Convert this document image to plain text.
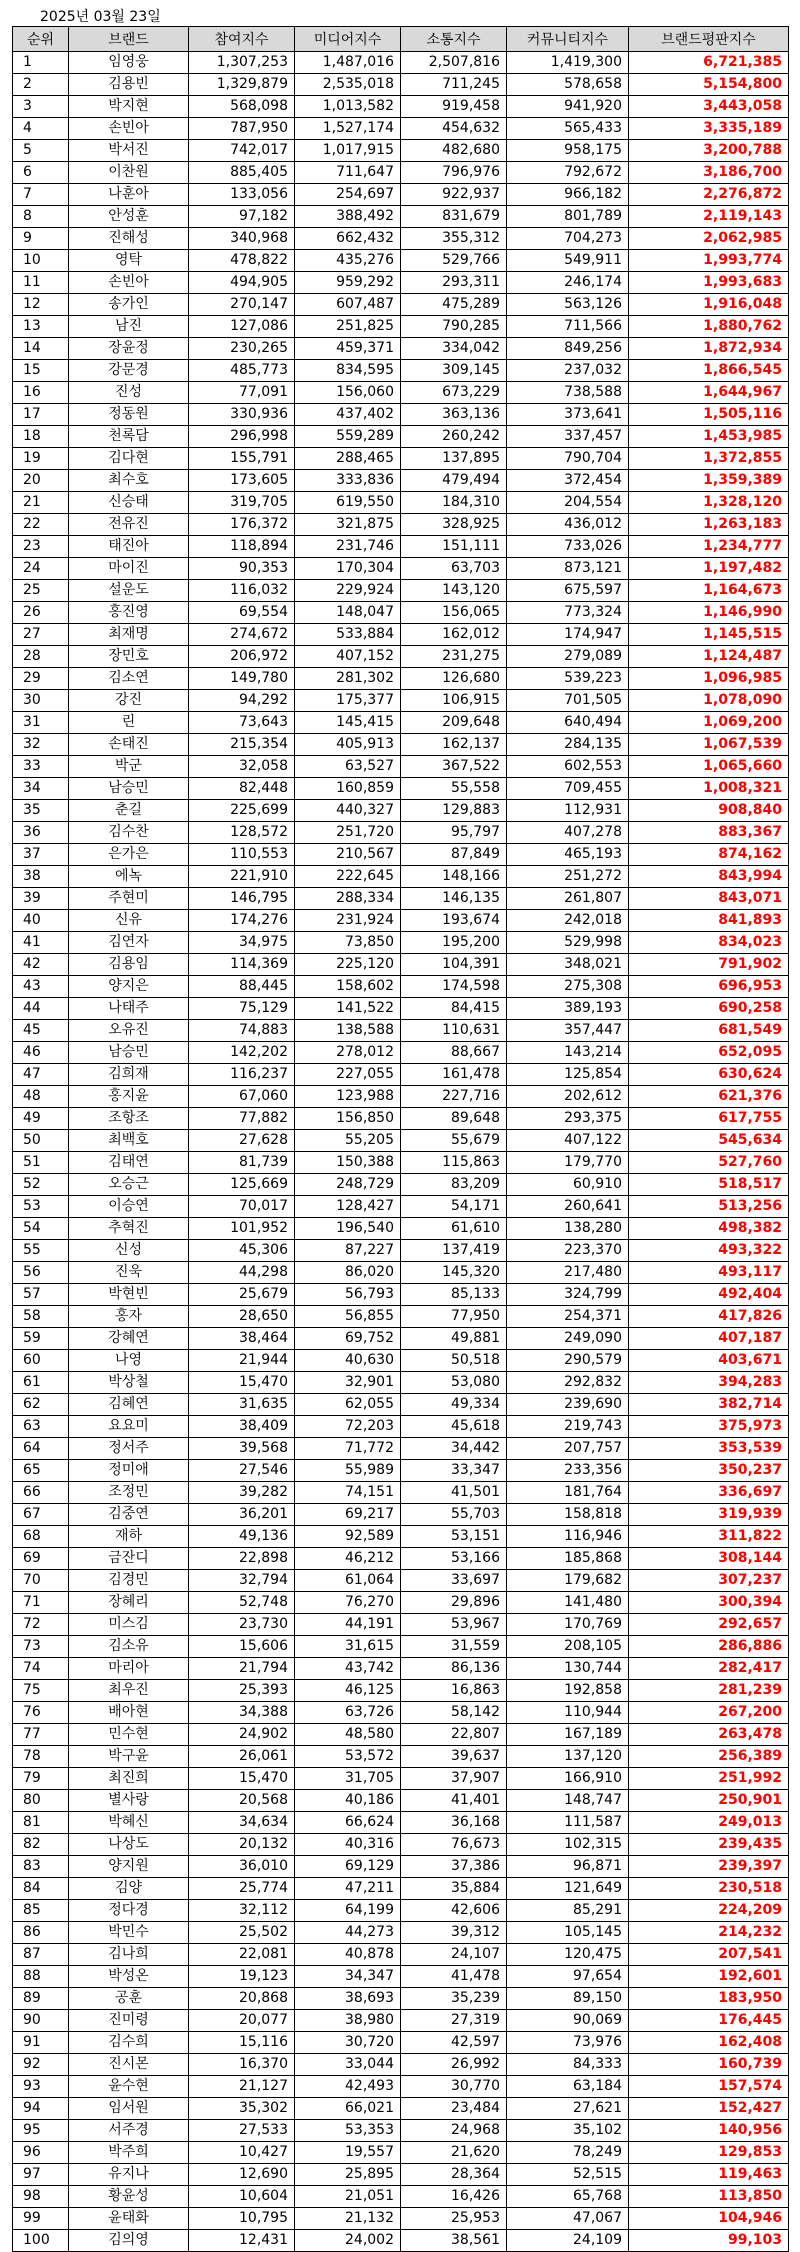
2025년 03월 23일
순위	브랜드	참여지수	미디어지수	소통지수	커뮤니티지수	브랜드평판지수
1	임영웅	1,307,253	1,487,016	2,507,816	1,419,300	6,721,385
2	김용빈	1,329,879	2,535,018	711,245	578,658	5,154,800
3	박지현	568,098	1,013,582	919,458	941,920	3,443,058
4	손빈아	787,950	1,527,174	454,632	565,433	3,335,189
5	박서진	742,017	1,017,915	482,680	958,175	3,200,788
6	이찬원	885,405	711,647	796,976	792,672	3,186,700
7	나훈아	133,056	254,697	922,937	966,182	2,276,872
8	안성훈	97,182	388,492	831,679	801,789	2,119,143
9	진해성	340,968	662,432	355,312	704,273	2,062,985
10	영탁	478,822	435,276	529,766	549,911	1,993,774
11	손빈아	494,905	959,292	293,311	246,174	1,993,683
12	송가인	270,147	607,487	475,289	563,126	1,916,048
13	남진	127,086	251,825	790,285	711,566	1,880,762
14	장윤정	230,265	459,371	334,042	849,256	1,872,934
15	강문경	485,773	834,595	309,145	237,032	1,866,545
16	진성	77,091	156,060	673,229	738,588	1,644,967
17	정동원	330,936	437,402	363,136	373,641	1,505,116
18	천록담	296,998	559,289	260,242	337,457	1,453,985
19	김다현	155,791	288,465	137,895	790,704	1,372,855
20	최수호	173,605	333,836	479,494	372,454	1,359,389
21	신승태	319,705	619,550	184,310	204,554	1,328,120
22	전유진	176,372	321,875	328,925	436,012	1,263,183
23	태진아	118,894	231,746	151,111	733,026	1,234,777
24	마이진	90,353	170,304	63,703	873,121	1,197,482
25	설운도	116,032	229,924	143,120	675,597	1,164,673
26	홍진영	69,554	148,047	156,065	773,324	1,146,990
27	최재명	274,672	533,884	162,012	174,947	1,145,515
28	장민호	206,972	407,152	231,275	279,089	1,124,487
29	김소연	149,780	281,302	126,680	539,223	1,096,985
30	강진	94,292	175,377	106,915	701,505	1,078,090
31	린	73,643	145,415	209,648	640,494	1,069,200
32	손태진	215,354	405,913	162,137	284,135	1,067,539
33	박군	32,058	63,527	367,522	602,553	1,065,660
34	남승민	82,448	160,859	55,558	709,455	1,008,321
35	춘길	225,699	440,327	129,883	112,931	908,840
36	김수찬	128,572	251,720	95,797	407,278	883,367
37	은가은	110,553	210,567	87,849	465,193	874,162
38	에녹	221,910	222,645	148,166	251,272	843,994
39	주현미	146,795	288,334	146,135	261,807	843,071
40	신유	174,276	231,924	193,674	242,018	841,893
41	김연자	34,975	73,850	195,200	529,998	834,023
42	김용임	114,369	225,120	104,391	348,021	791,902
43	양지은	88,445	158,602	174,598	275,308	696,953
44	나태주	75,129	141,522	84,415	389,193	690,258
45	오유진	74,883	138,588	110,631	357,447	681,549
46	남승민	142,202	278,012	88,667	143,214	652,095
47	김희재	116,237	227,055	161,478	125,854	630,624
48	홍지윤	67,060	123,988	227,716	202,612	621,376
49	조항조	77,882	156,850	89,648	293,375	617,755
50	최백호	27,628	55,205	55,679	407,122	545,634
51	김태연	81,739	150,388	115,863	179,770	527,760
52	오승근	125,669	248,729	83,209	60,910	518,517
53	이승연	70,017	128,427	54,171	260,641	513,256
54	추혁진	101,952	196,540	61,610	138,280	498,382
55	신성	45,306	87,227	137,419	223,370	493,322
56	진욱	44,298	86,020	145,320	217,480	493,117
57	박현빈	25,679	56,793	85,133	324,799	492,404
58	홍자	28,650	56,855	77,950	254,371	417,826
59	강혜연	38,464	69,752	49,881	249,090	407,187
60	나영	21,944	40,630	50,518	290,579	403,671
61	박상철	15,470	32,901	53,080	292,832	394,283
62	김혜연	31,635	62,055	49,334	239,690	382,714
63	요요미	38,409	72,203	45,618	219,743	375,973
64	정서주	39,568	71,772	34,442	207,757	353,539
65	정미애	27,546	55,989	33,347	233,356	350,237
66	조정민	39,282	74,151	41,501	181,764	336,697
67	김중연	36,201	69,217	55,703	158,818	319,939
68	재하	49,136	92,589	53,151	116,946	311,822
69	금잔디	22,898	46,212	53,166	185,868	308,144
70	김경민	32,794	61,064	33,697	179,682	307,237
71	장혜리	52,748	76,270	29,896	141,480	300,394
72	미스김	23,730	44,191	53,967	170,769	292,657
73	김소유	15,606	31,615	31,559	208,105	286,886
74	마리아	21,794	43,742	86,136	130,744	282,417
75	최우진	25,393	46,125	16,863	192,858	281,239
76	배아현	34,388	63,726	58,142	110,944	267,200
77	민수현	24,902	48,580	22,807	167,189	263,478
78	박구윤	26,061	53,572	39,637	137,120	256,389
79	최진희	15,470	31,705	37,907	166,910	251,992
80	별사랑	20,568	40,186	41,401	148,747	250,901
81	박혜신	34,634	66,624	36,168	111,587	249,013
82	나상도	20,132	40,316	76,673	102,315	239,435
83	양지원	36,010	69,129	37,386	96,871	239,397
84	김양	25,774	47,211	35,884	121,649	230,518
85	정다경	32,112	64,199	42,606	85,291	224,209
86	박민수	25,502	44,273	39,312	105,145	214,232
87	김나희	22,081	40,878	24,107	120,475	207,541
88	박성온	19,123	34,347	41,478	97,654	192,601
89	공훈	20,868	38,693	35,239	89,150	183,950
90	진미령	20,077	38,980	27,319	90,069	176,445
91	김수희	15,116	30,720	42,597	73,976	162,408
92	진시몬	16,370	33,044	26,992	84,333	160,739
93	윤수현	21,127	42,493	30,770	63,184	157,574
94	임서원	35,302	66,021	23,484	27,621	152,427
95	서주경	27,533	53,353	24,968	35,102	140,956
96	박주희	10,427	19,557	21,620	78,249	129,853
97	유지나	12,690	25,895	28,364	52,515	119,463
98	황윤성	10,604	21,051	16,426	65,768	113,850
99	윤태화	10,795	21,132	25,953	47,067	104,946
100	김의영	12,431	24,002	38,561	24,109	99,103
